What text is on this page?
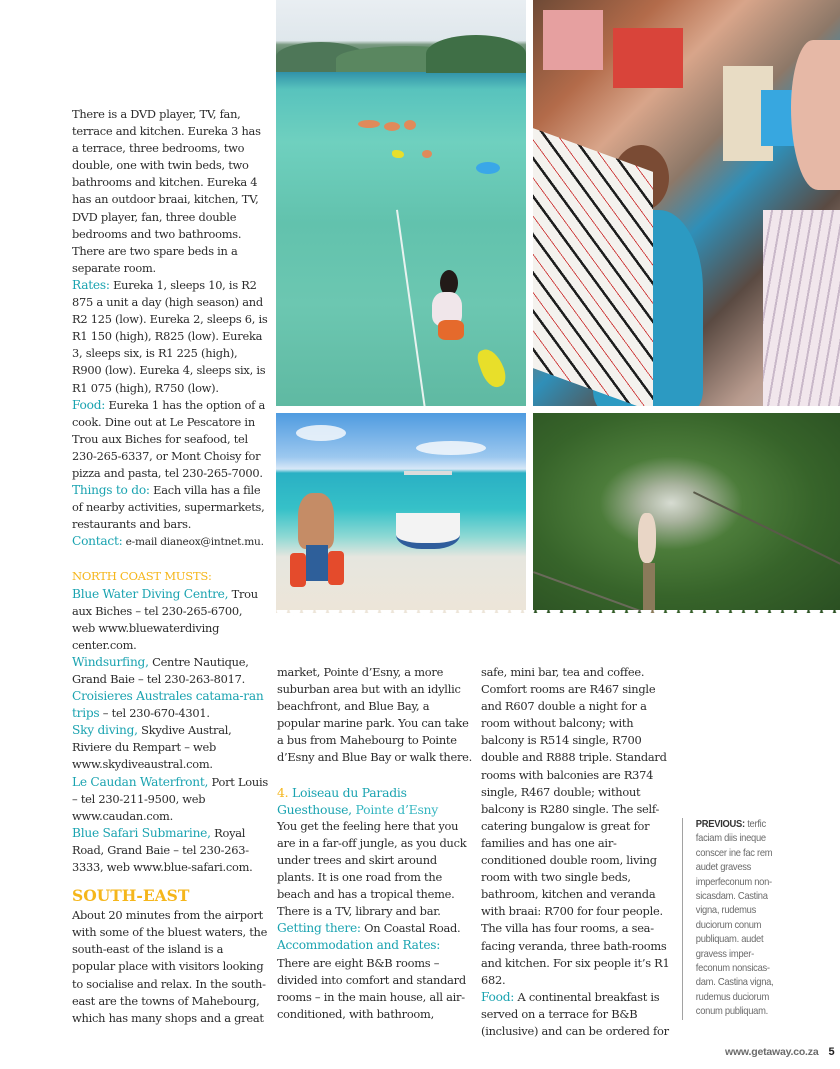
There is a DVD player, TV, fan, terrace and kitchen. Eureka 3 has a terrace, three bedrooms, two double, one with twin beds, two bathrooms and kitchen. Eureka 4 has an outdoor braai, kitchen, TV, DVD player, fan, three double bedrooms and two bathrooms. There are two spare beds in a separate room.

Rates: Eureka 1, sleeps 10, is R2 875 a unit a day (high season) and R2 125 (low). Eureka 2, sleeps 6, is R1 150 (high), R825 (low). Eureka 3, sleeps six, is R1 225 (high), R900 (low). Eureka 4, sleeps six, is R1 075 (high), R750 (low).

Food: Eureka 1 has the option of a cook. Dine out at Le Pescatore in Trou aux Biches for seafood, tel 230-265-6337, or Mont Choisy for pizza and pasta, tel 230-265-7000.

Things to do: Each villa has a file of nearby activities, supermarkets, restaurants and bars.

Contact: e-mail dianeox@intnet.mu.

NORTH COAST MUSTS:

Blue Water Diving Centre, Trou aux Biches – tel 230-265-6700, web www.bluewaterdiving center.com.

Windsurfing, Centre Nautique, Grand Baie – tel 230-263-8017.

Croisieres Australes catama-ran trips – tel 230-670-4301.

Sky diving, Skydive Austral, Riviere du Rempart – web www.skydiveaustral.com.

Le Caudan Waterfront, Port Louis – tel 230-211-9500, web www.caudan.com.

Blue Safari Submarine, Royal Road, Grand Baie – tel 230-263-3333, web www.blue-safari.com.

SOUTH-EAST

About 20 minutes from the airport with some of the bluest waters, the south-east of the island is a popular place with visitors looking to socialise and relax. In the south-east are the towns of Mahebourg, which has many shops and a great

market, Pointe d’Esny, a more suburban area but with an idyllic beachfront, and Blue Bay, a popular marine park. You can take a bus from Mahebourg to Pointe d’Esny and Blue Bay or walk there.

4. Loiseau du Paradis Guesthouse, Pointe d’Esny

You get the feeling here that you are in a far-off jungle, as you duck under trees and skirt around plants. It is one road from the beach and has a tropical theme. There is a TV, library and bar.

Getting there: On Coastal Road.

Accommodation and Rates:

There are eight B&B rooms – divided into comfort and standard rooms – in the main house, all air-conditioned, with bathroom,

safe, mini bar, tea and coffee. Comfort rooms are R467 single and R607 double a night for a room without balcony; with balcony is R514 single, R700 double and R888 triple. Standard rooms with balconies are R374 single, R467 double; without balcony is R280 single. The self-catering bungalow is great for families and has one air-conditioned double room, living room with two single beds, bathroom, kitchen and veranda with braai: R700 for four people. The villa has four rooms, a sea-facing veranda, three bath-rooms and kitchen. For six people it’s R1 682.

Food: A continental breakfast is served on a terrace for B&B (inclusive) and can be ordered for

PREVIOUS: terfic faciam diis ineque conscer ine fac rem audet gravess imperfeconum non-sicasdam. Castina vigna, rudemus duciorum conum publiquam. audet gravess imper-feconum nonsicas-dam. Castina vigna, rudemus duciorum conum publiquam.
www.getaway.co.za 5
